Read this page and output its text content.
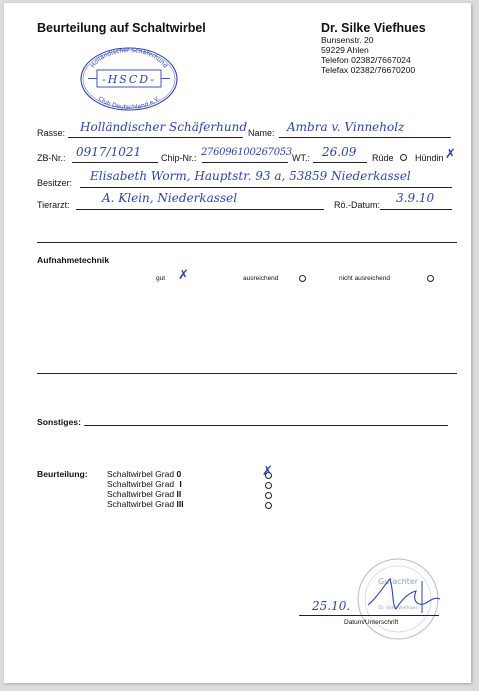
Beurteilung auf Schaltwirbel	Dr. Silke Viefhues
Bunsenstr. 20
59229 Ahlen
Telefon 02382/7667024
Telefax 02382/76670200
Holländischer Schäferhund
-HSCD-
Club Deutschland e.V.
Rasse: Holländischer Schäferhund Name: Ambra v. Vinneholz
ZB-Nr.: 0917/1021 Chip-Nr.: 276096100267053 WT.: 26.09 Rüde	Hündin ✗
Besitzer: Elisabeth Worm, Hauptstr. 93 a, 53859 Niederkassel
Tierarzt:	A. Klein, Niederkassel	Rö.-Datum: 3.9.10
Aufnahmetechnik
gut ✗	ausreichend	nicht ausreichend
Sonstiges:
Beurteilung: Schaltwirbel Grad 0
Schaltwirbel Grad I
Schaltwirbel Grad II
Schaltwirbel Grad III
✗
Gutachter
Dr. Silke Viefhues
25.10.
Datum/Unterschrift
